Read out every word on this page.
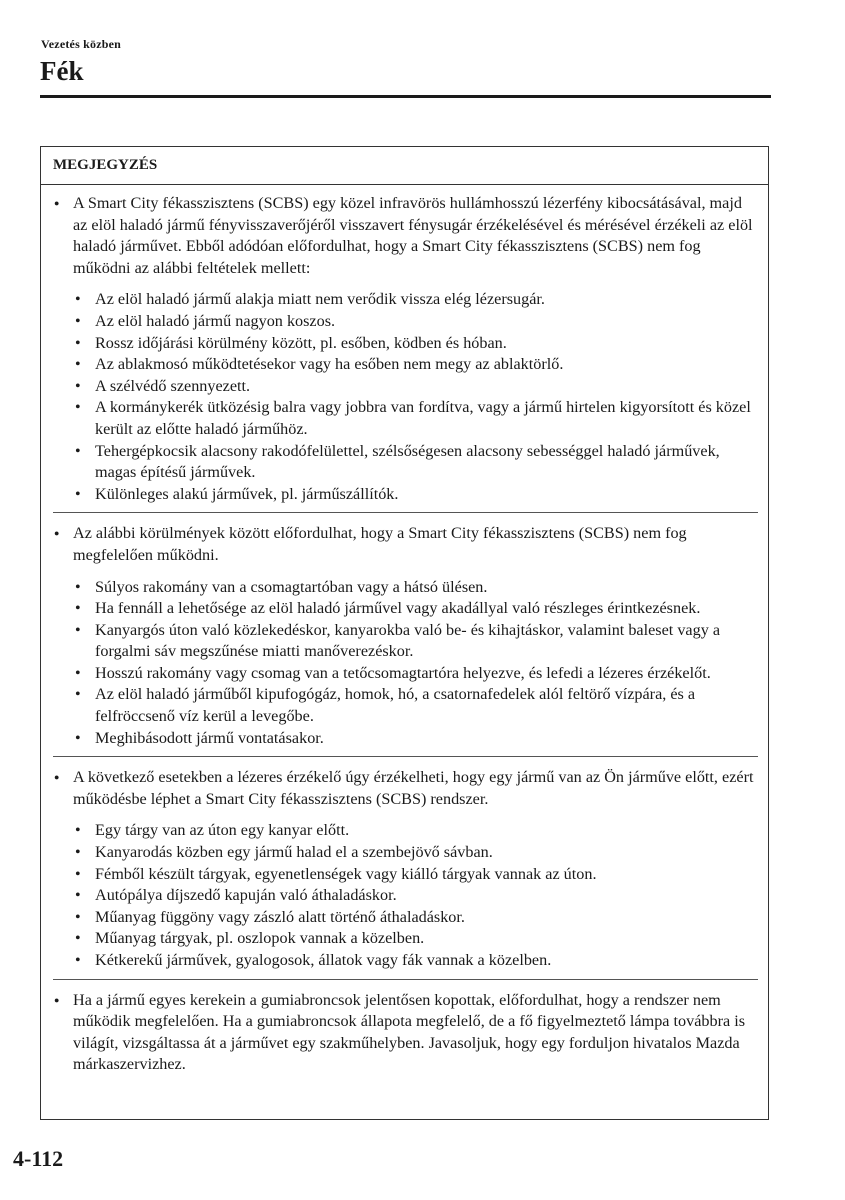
Vezetés közben
Fék
MEGJEGYZÉS
● A Smart City fékasszisztens (SCBS) egy közel infravörös hullámhosszú lézerfény kibocsátásával, majd az elöl haladó jármű fényvisszaverőjéről visszavert fénysugár érzékelésével és mérésével érzékeli az elöl haladó járművet. Ebből adódóan előfordulhat, hogy a Smart City fékasszisztens (SCBS) nem fog működni az alábbi feltételek mellett:
• Az elöl haladó jármű alakja miatt nem verődik vissza elég lézersugár.
• Az elöl haladó jármű nagyon koszos.
• Rossz időjárási körülmény között, pl. esőben, ködben és hóban.
• Az ablakmosó működtetésekor vagy ha esőben nem megy az ablaktörlő.
• A szélvédő szennyezett.
• A kormánykerék ütközésig balra vagy jobbra van fordítva, vagy a jármű hirtelen kigyorsított és közel került az előtte haladó járműhöz.
• Tehergépkocsik alacsony rakodófelülettel, szélsőségesen alacsony sebességgel haladó járművek, magas építésű járművek.
• Különleges alakú járművek, pl. járműszállítók.
● Az alábbi körülmények között előfordulhat, hogy a Smart City fékasszisztens (SCBS) nem fog megfelelően működni.
• Súlyos rakomány van a csomagtartóban vagy a hátsó ülésen.
• Ha fennáll a lehetősége az elöl haladó járművel vagy akadállyal való részleges érintkezésnek.
• Kanyargós úton való közlekedéskor, kanyarokba való be- és kihajtáskor, valamint baleset vagy a forgalmi sáv megszűnése miatti manőverezéskor.
• Hosszú rakomány vagy csomag van a tetőcsomagtartóra helyezve, és lefedi a lézeres érzékelőt.
• Az elöl haladó járműből kipufogógáz, homok, hó, a csatornafedelek alól feltörő vízpára, és a felfröccsenő víz kerül a levegőbe.
• Meghibásodott jármű vontatásakor.
● A következő esetekben a lézeres érzékelő úgy érzékelheti, hogy egy jármű van az Ön járműve előtt, ezért működésbe léphet a Smart City fékasszisztens (SCBS) rendszer.
• Egy tárgy van az úton egy kanyar előtt.
• Kanyarodás közben egy jármű halad el a szembejövő sávban.
• Fémből készült tárgyak, egyenetlenségek vagy kiálló tárgyak vannak az úton.
• Autópálya díjszedő kapuján való áthaladáskor.
• Műanyag függöny vagy zászló alatt történő áthaladáskor.
• Műanyag tárgyak, pl. oszlopok vannak a közelben.
• Kétkerekű járművek, gyalogosok, állatok vagy fák vannak a közelben.
● Ha a jármű egyes kerekein a gumiabroncsok jelentősen kopottak, előfordulhat, hogy a rendszer nem működik megfelelően. Ha a gumiabroncsok állapota megfelelő, de a fő figyelmeztető lámpa továbbra is világít, vizsgáltassa át a járművet egy szakműhelyben. Javasoljuk, hogy egy forduljon hivatalos Mazda márkaszervizhez.
4-112
